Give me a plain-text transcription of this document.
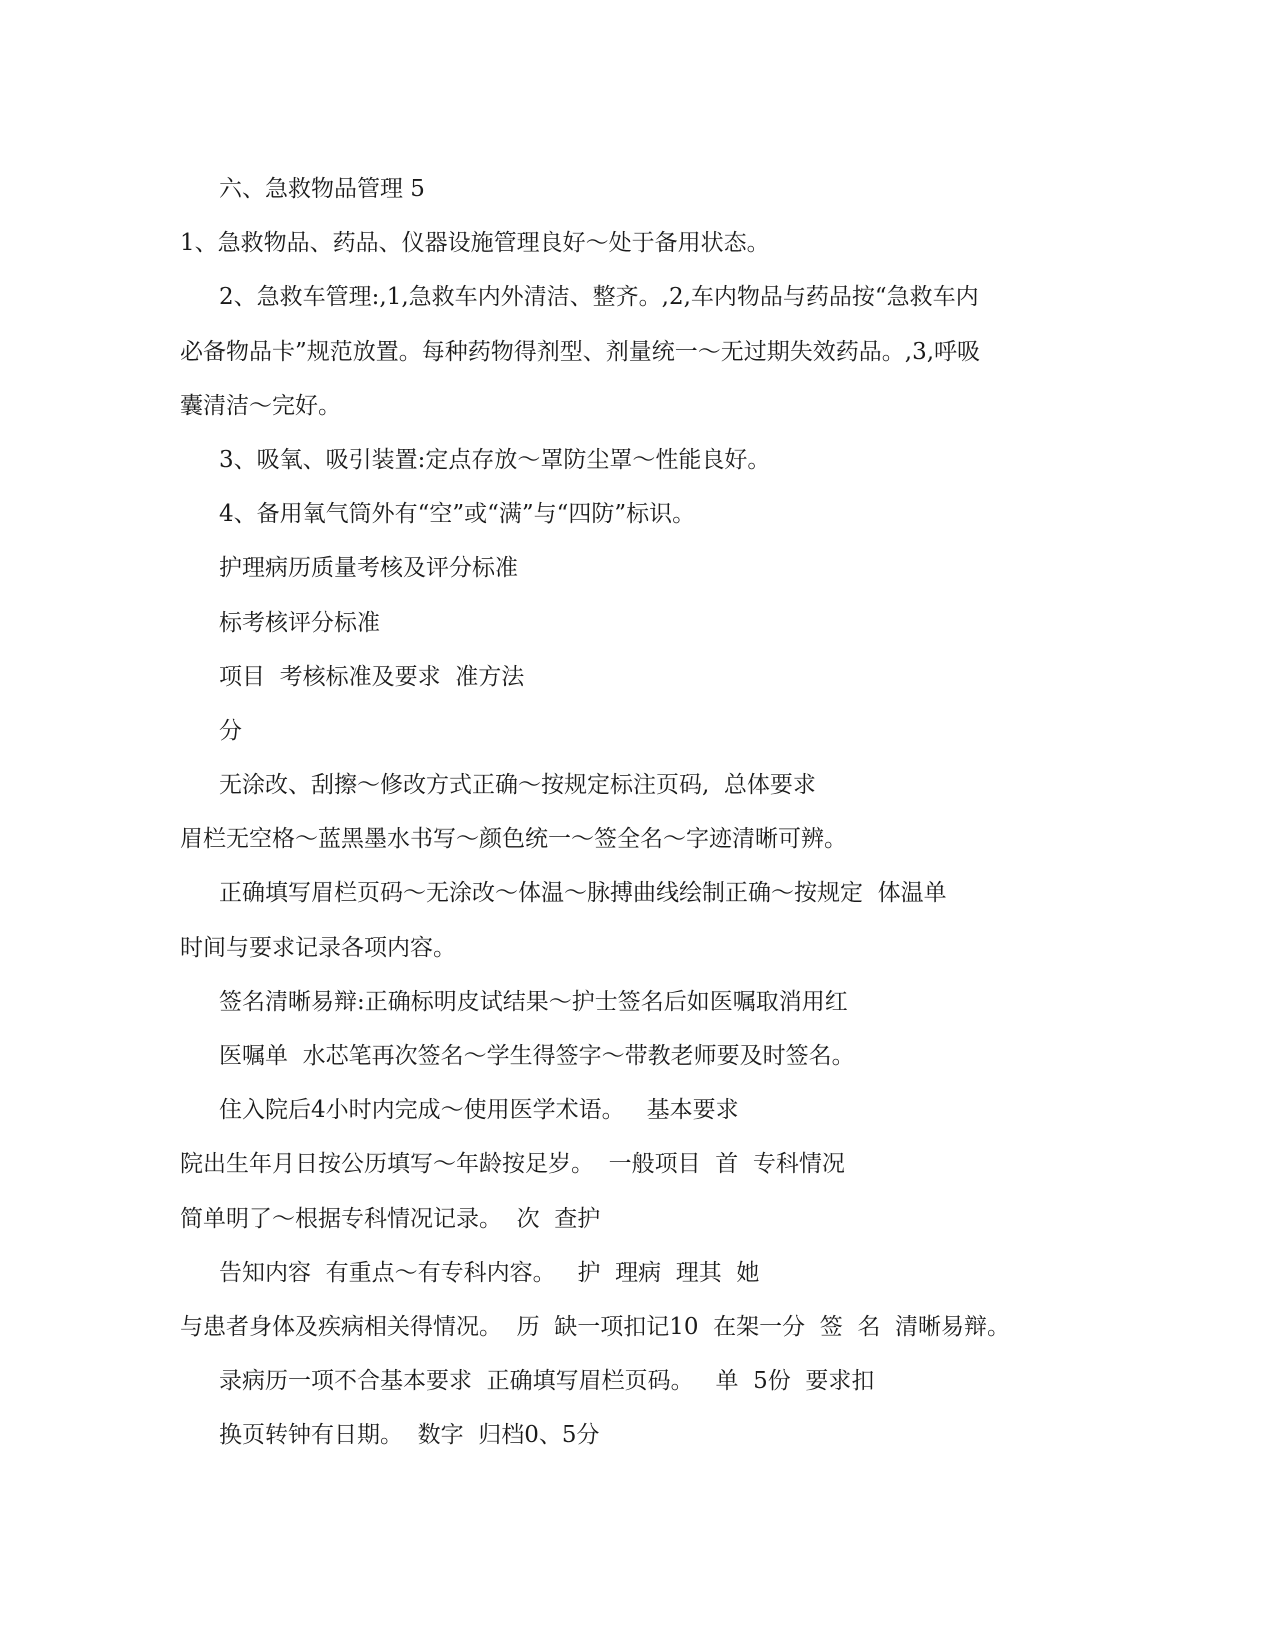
六、急救物品管理 5
1、急救物品、药品、仪器设施管理良好～处于备用状态。
2、急救车管理:,1,急救车内外清洁、整齐。,2,车内物品与药品按“急救车内
必备物品卡”规范放置。每种药物得剂型、剂量统一～无过期失效药品。,3,呼吸
囊清洁～完好。
3、吸氧、吸引装置:定点存放～罩防尘罩～性能良好。
4、备用氧气筒外有“空”或“满”与“四防”标识。
护理病历质量考核及评分标准
标考核评分标准
项目  考核标准及要求  准方法
分
无涂改、刮擦～修改方式正确～按规定标注页码,  总体要求
眉栏无空格～蓝黑墨水书写～颜色统一～签全名～字迹清晰可辨。
正确填写眉栏页码～无涂改～体温～脉搏曲线绘制正确～按规定  体温单
时间与要求记录各项内容。
签名清晰易辩:正确标明皮试结果～护士签名后如医嘱取消用红
医嘱单  水芯笔再次签名～学生得签字～带教老师要及时签名。
住入院后4小时内完成～使用医学术语。   基本要求
院出生年月日按公历填写～年龄按足岁。  一般项目  首  专科情况
简单明了～根据专科情况记录。  次  查护
告知内容  有重点～有专科内容。   护  理病  理其  她
与患者身体及疾病相关得情况。  历  缺一项扣记10  在架一分  签  名  清晰易辩。
录病历一项不合基本要求  正确填写眉栏页码。   单  5份  要求扣
换页转钟有日期。  数字  归档0、5分
